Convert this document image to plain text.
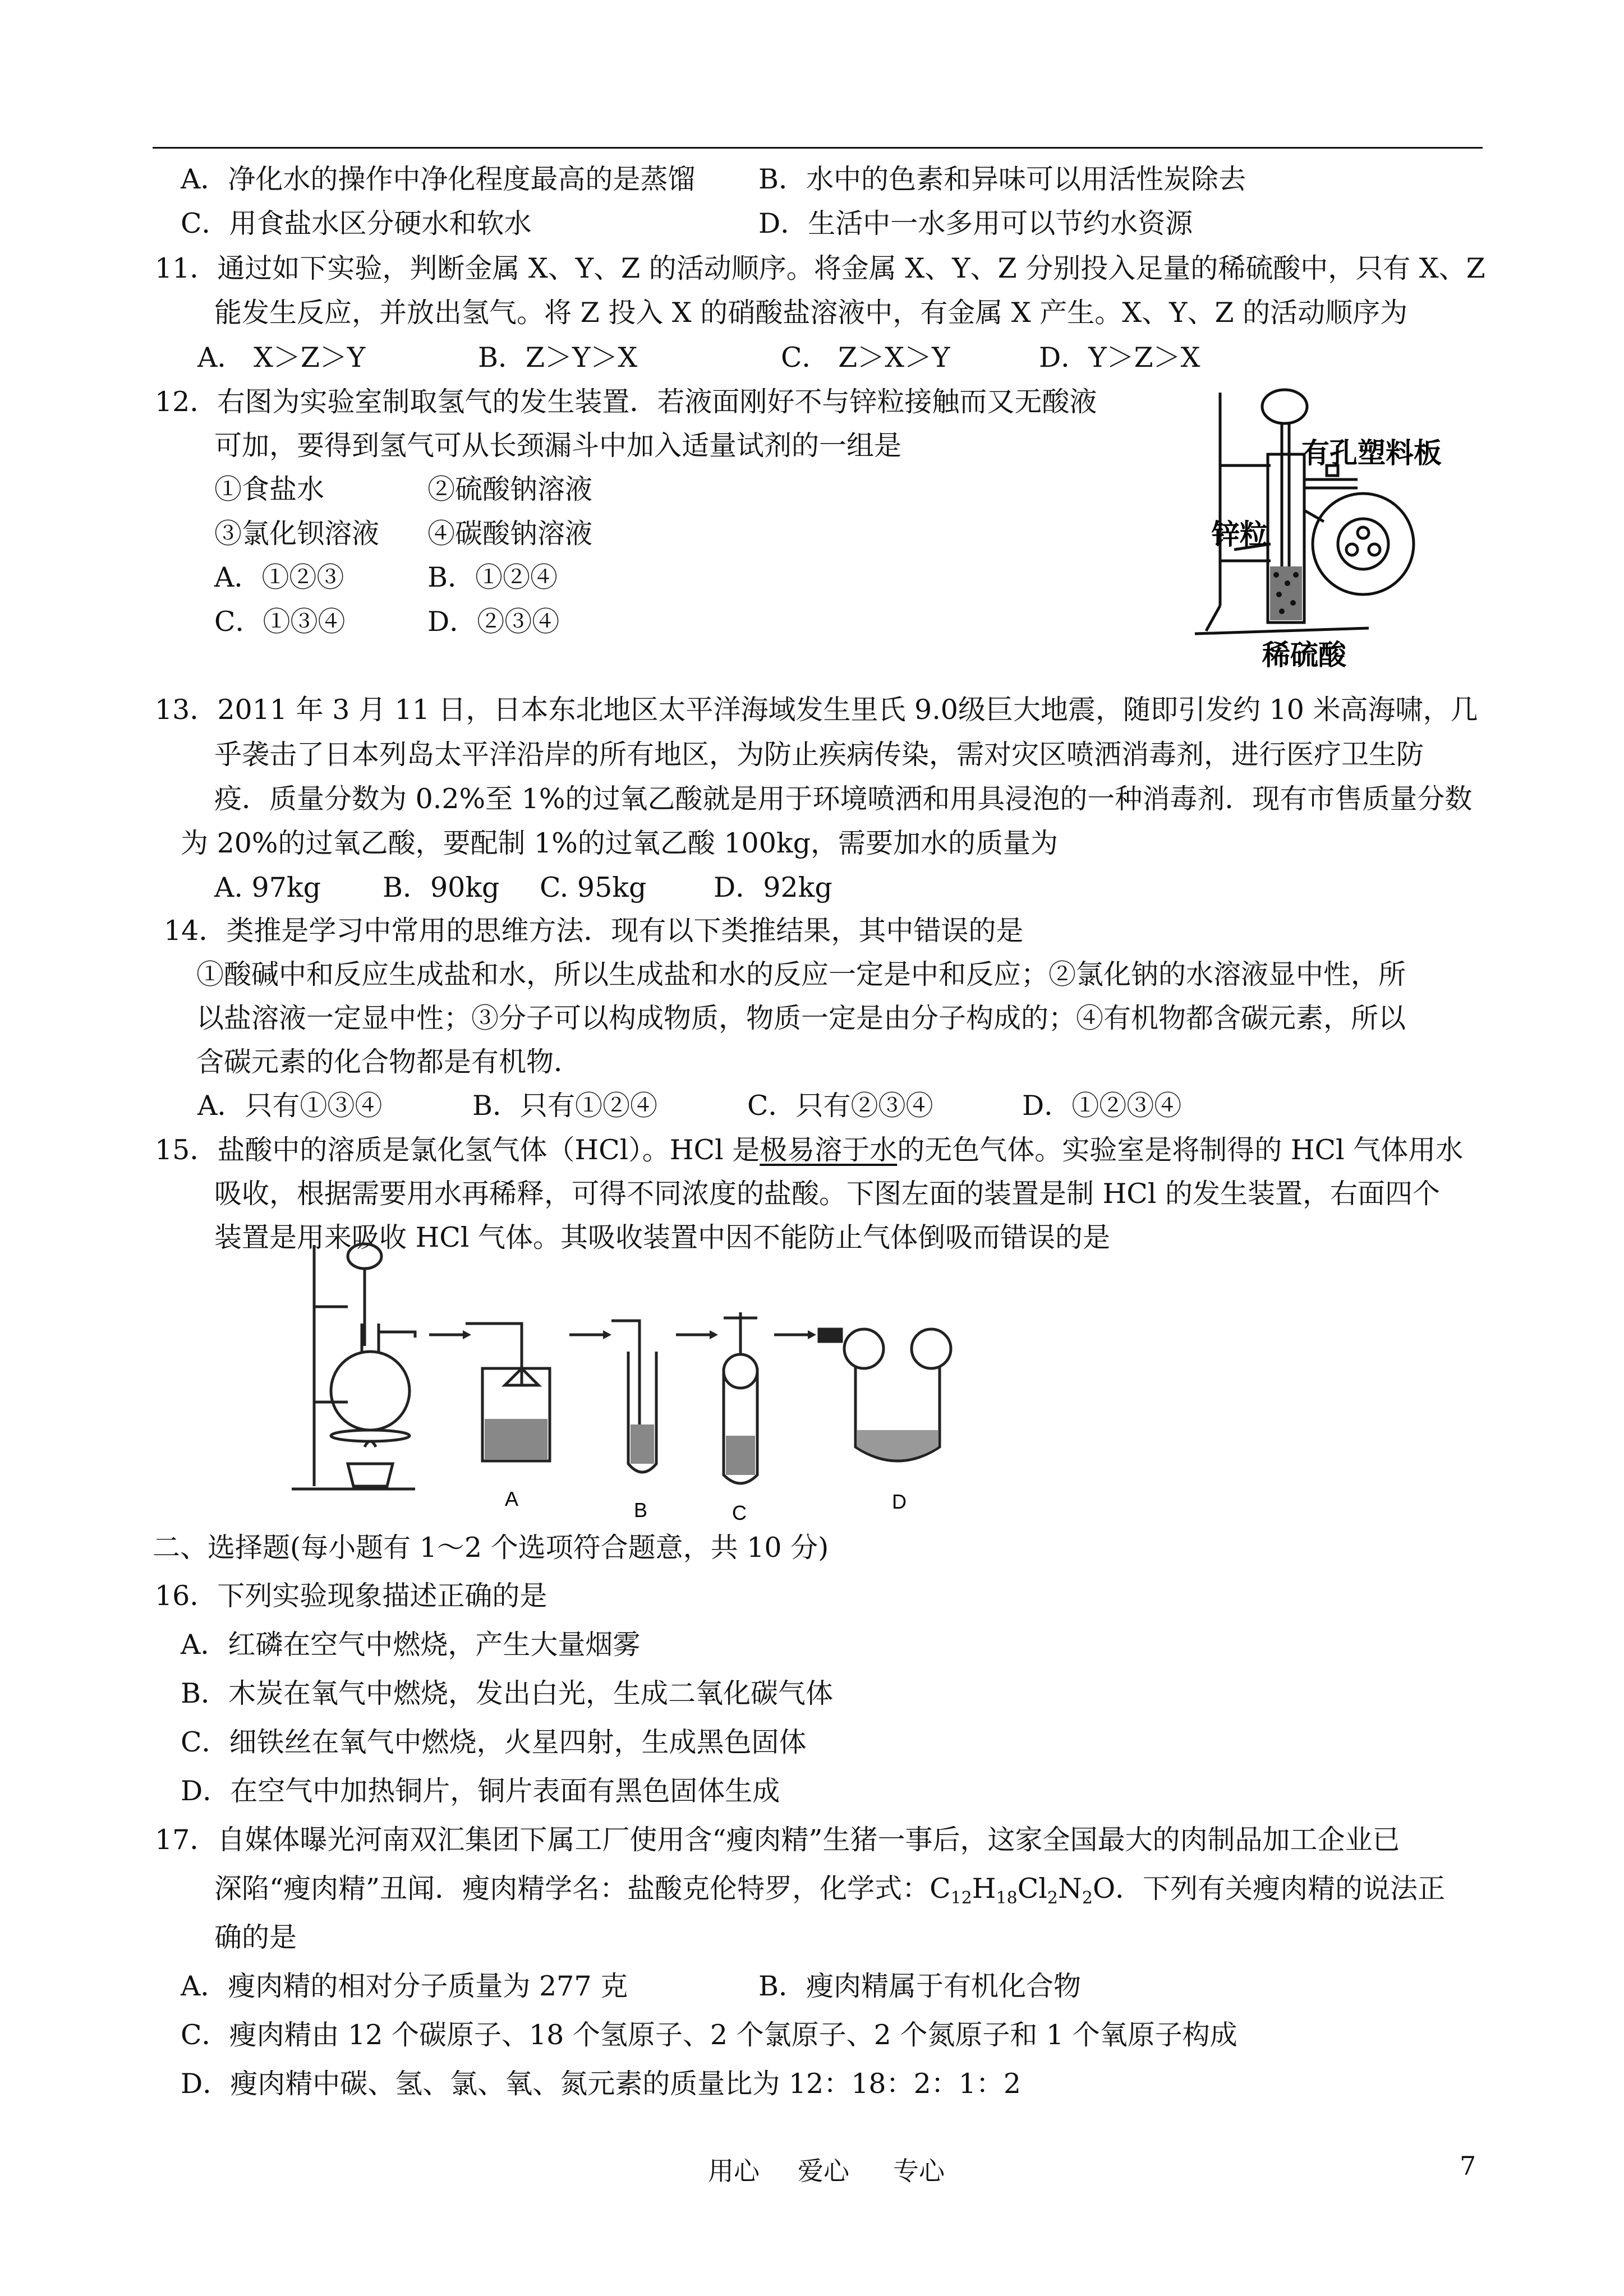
A．净化水的操作中净化程度最高的是蒸馏 B．水中的色素和异味可以用活性炭除去
C．用食盐水区分硬水和软水	D．生活中一水多用可以节约水资源
11．通过如下实验，判断金属 X、Y、Z 的活动顺序。将金属 X、Y、Z 分别投入足量的稀硫酸中，只有 X、Z
能发生反应，并放出氢气。将 Z 投入 X 的硝酸盐溶液中，有金属 X 产生。X、Y、Z 的活动顺序为
A． X＞Z＞Y	B．Z＞Y＞X	C． Z＞X＞Y	D．Y＞Z＞X
12．右图为实验室制取氢气的发生装置．若液面刚好不与锌粒接触而又无酸液
可加，要得到氢气可从长颈漏斗中加入适量试剂的一组是
①食盐水	②硫酸钠溶液
③氯化钡溶液 ④碳酸钠溶液
A．①②③	B．①②④
C．①③④	D．②③④
有孔塑料板
锌粒
稀硫酸
13．2011 年 3 月 11 日，日本东北地区太平洋海域发生里氏 9.0级巨大地震，随即引发约 10 米高海啸，几
乎袭击了日本列岛太平洋沿岸的所有地区，为防止疾病传染，需对灾区喷洒消毒剂，进行医疗卫生防
疫．质量分数为 0.2%至 1%的过氧乙酸就是用于环境喷洒和用具浸泡的一种消毒剂．现有市售质量分数
为 20%的过氧乙酸，要配制 1%的过氧乙酸 100kg，需要加水的质量为
A. 97kg B．90kg C. 95kg D．92kg
14．类推是学习中常用的思维方法．现有以下类推结果，其中错误的是
①酸碱中和反应生成盐和水，所以生成盐和水的反应一定是中和反应；②氯化钠的水溶液显中性，所
以盐溶液一定显中性；③分子可以构成物质，物质一定是由分子构成的；④有机物都含碳元素，所以
含碳元素的化合物都是有机物．
A．只有①③④	B．只有①②④	C．只有②③④	D．①②③④
15．盐酸中的溶质是氯化氢气体（HCl）。HCl 是极易溶于水的无色气体。实验室是将制得的 HCl 气体用水
吸收，根据需要用水再稀释，可得不同浓度的盐酸。下图左面的装置是制 HCl 的发生装置，右面四个
装置是用来吸收 HCl 气体。其吸收装置中因不能防止气体倒吸而错误的是
A	B	C	D
二、选择题(每小题有 1～2 个选项符合题意，共 10 分)
16．下列实验现象描述正确的是
A．红磷在空气中燃烧，产生大量烟雾
B．木炭在氧气中燃烧，发出白光，生成二氧化碳气体
C．细铁丝在氧气中燃烧，火星四射，生成黑色固体
D．在空气中加热铜片，铜片表面有黑色固体生成
17．自媒体曝光河南双汇集团下属工厂使用含“瘦肉精”生猪一事后，这家全国最大的肉制品加工企业已
深陷“瘦肉精”丑闻．瘦肉精学名：盐酸克伦特罗，化学式：$C_{12}H_{18}Cl_2N_2O$．下列有关瘦肉精的说法正
确的是
A．瘦肉精的相对分子质量为 277 克	B．瘦肉精属于有机化合物
C．瘦肉精由 12 个碳原子、18 个氢原子、2 个氯原子、2 个氮原子和 1 个氧原子构成
D．瘦肉精中碳、氢、氯、氧、氮元素的质量比为 12：18：2：1：2
用心 爱心 专心	7
